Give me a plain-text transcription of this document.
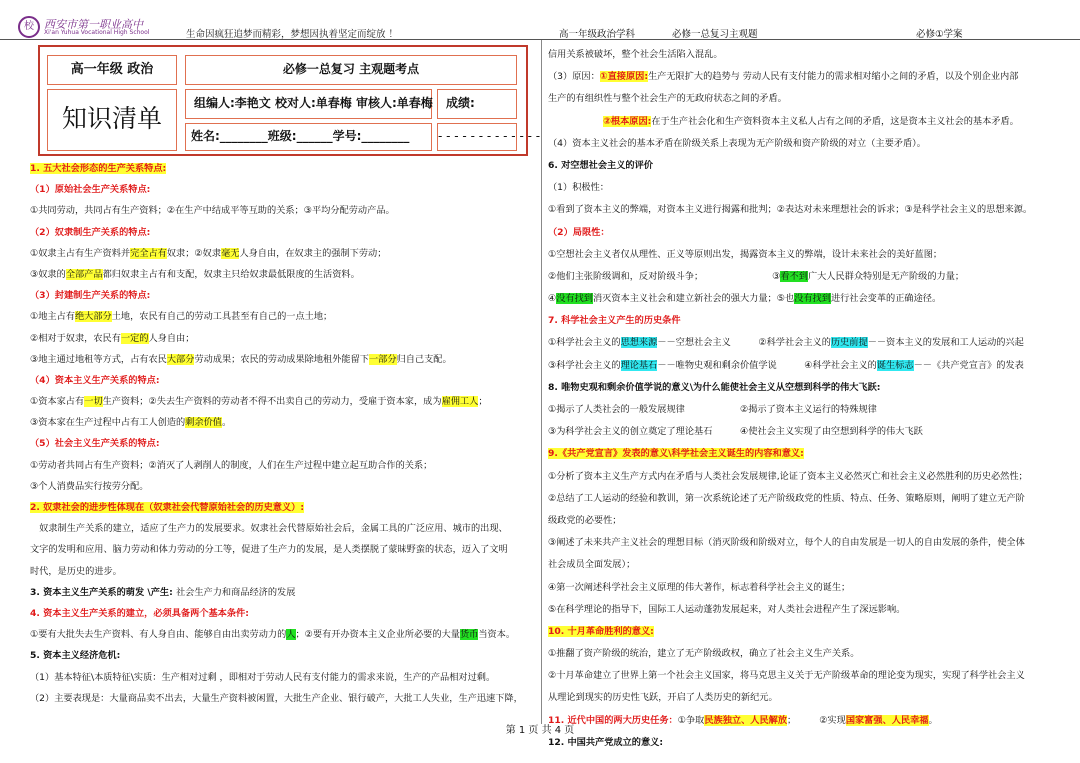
校 西安市第一职业高中
Xi'an Yuhua Vocational High School	生命因疯狂追梦而精彩，梦想因执着坚定而绽放 ！	高一年级政治学科	必修一总复习主观题	必修①学案
高一年级 政治	必修一总复习 主观题考点
知识清单
组编人:李艳文 校对人:单春梅 审核人:单春梅	成绩:
姓名:________班级:______学号:________	- - - - - - - - - - - - -
1. 五大社会形态的生产关系特点:
（1）原始社会生产关系特点:
①共同劳动，共同占有生产资料；②在生产中结成平等互助的关系；③平均分配劳动产品。
（2）奴隶制生产关系的特点:
①奴隶主占有生产资料并完全占有奴隶；②奴隶毫无人身自由，在奴隶主的强制下劳动；
③奴隶的全部产品都归奴隶主占有和支配，奴隶主只给奴隶最低限度的生活资料。
（3）封建制生产关系的特点:
①地主占有绝大部分土地，农民有自己的劳动工具甚至有自己的一点土地；
②相对于奴隶，农民有一定的人身自由；
③地主通过地租等方式，占有农民大部分劳动成果；农民的劳动成果除地租外能留下一部分归自己支配。
（4）资本主义生产关系的特点:
①资本家占有一切生产资料；②失去生产资料的劳动者不得不出卖自己的劳动力，受雇于资本家，成为雇佣工人；
③资本家在生产过程中占有工人创造的剩余价值。
（5）社会主义生产关系的特点:
①劳动者共同占有生产资料；②消灭了人剥削人的制度，人们在生产过程中建立起互助合作的关系；
③个人消费品实行按劳分配。
2. 奴隶社会的进步性体现在（奴隶社会代替原始社会的历史意义）:
　奴隶制生产关系的建立，适应了生产力的发展要求。奴隶社会代替原始社会后，金属工具的广泛应用、城市的出现、
文字的发明和应用、脑力劳动和体力劳动的分工等，促进了生产力的发展，是人类摆脱了蒙昧野蛮的状态，迈入了文明
时代，是历史的进步。
3. 资本主义生产关系的萌发 \产生: 社会生产力和商品经济的发展
4. 资本主义生产关系的建立，必须具备两个基本条件:
①要有大批失去生产资料、有人身自由、能够自由出卖劳动力的人；②要有开办资本主义企业所必要的大量货币当资本。
5. 资本主义经济危机:
（1）基本特征\本质特征\实质：生产相对过剩 ，即相对于劳动人民有支付能力的需求来说，生产的产品相对过剩。
（2）主要表现是：大量商品卖不出去，大量生产资料被闲置，大批生产企业、银行破产，大批工人失业，生产迅速下降，
信用关系被破坏，整个社会生活陷入混乱。
（3）原因：①直接原因:生产无限扩大的趋势与 劳动人民有支付能力的需求相对缩小之间的矛盾，以及个别企业内部
生产的有组织性与整个社会生产的无政府状态之间的矛盾。
　　　　　　②根本原因:在于生产社会化和生产资料资本主义私人占有之间的矛盾，这是资本主义社会的基本矛盾。
（4）资本主义社会的基本矛盾在阶级关系上表现为无产阶级和资产阶级的对立（主要矛盾）。
6. 对空想社会主义的评价
（1）积极性：
①看到了资本主义的弊端，对资本主义进行揭露和批判；②表达对未来理想社会的诉求；③是科学社会主义的思想来源。
（2）局限性：
①空想社会主义者仅从理性、正义等原则出发，揭露资本主义的弊端，设计未来社会的美好蓝图；
②他们主张阶级调和，反对阶级斗争；　　　　　　　　③看不到广大人民群众特别是无产阶级的力量；
④没有找到消灭资本主义社会和建立新社会的强大力量；⑤也没有找到进行社会变革的正确途径。
7. 科学社会主义产生的历史条件
①科学社会主义的思想来源－－空想社会主义　　　②科学社会主义的历史前提－－资本主义的发展和工人运动的兴起
③科学社会主义的理论基石－－唯物史观和剩余价值学说　　　④科学社会主义的诞生标志－－《共产党宣言》的发表
8. 唯物史观和剩余价值学说的意义\为什么能使社会主义从空想到科学的伟大飞跃:
①揭示了人类社会的一般发展规律　　　　　　②揭示了资本主义运行的特殊规律
③为科学社会主义的创立奠定了理论基石　　　④使社会主义实现了由空想到科学的伟大飞跃
9.《共产党宣言》发表的意义\科学社会主义诞生的内容和意义:
①分析了资本主义生产方式内在矛盾与人类社会发展规律,论证了资本主义必然灭亡和社会主义必然胜利的历史必然性；
②总结了工人运动的经验和教训，第一次系统论述了无产阶级政党的性质、特点、任务、策略原则，阐明了建立无产阶
级政党的必要性；
③阐述了未来共产主义社会的理想目标（消灭阶级和阶级对立，每个人的自由发展是一切人的自由发展的条件，使全体
社会成员全面发展）；
④第一次阐述科学社会主义原理的伟大著作，标志着科学社会主义的诞生；
⑤在科学理论的指导下，国际工人运动蓬勃发展起来，对人类社会进程产生了深远影响。
10. 十月革命胜利的意义:
①推翻了资产阶级的统治，建立了无产阶级政权，确立了社会主义生产关系。
②十月革命建立了世界上第一个社会主义国家，将马克思主义关于无产阶级革命的理论变为现实，实现了科学社会主义
从理论到现实的历史性飞跃，开启了人类历史的新纪元。
11. 近代中国的两大历史任务：①争取民族独立、人民解放；　　　②实现国家富强、人民幸福。
12. 中国共产党成立的意义:
第 1 页 共 4 页
